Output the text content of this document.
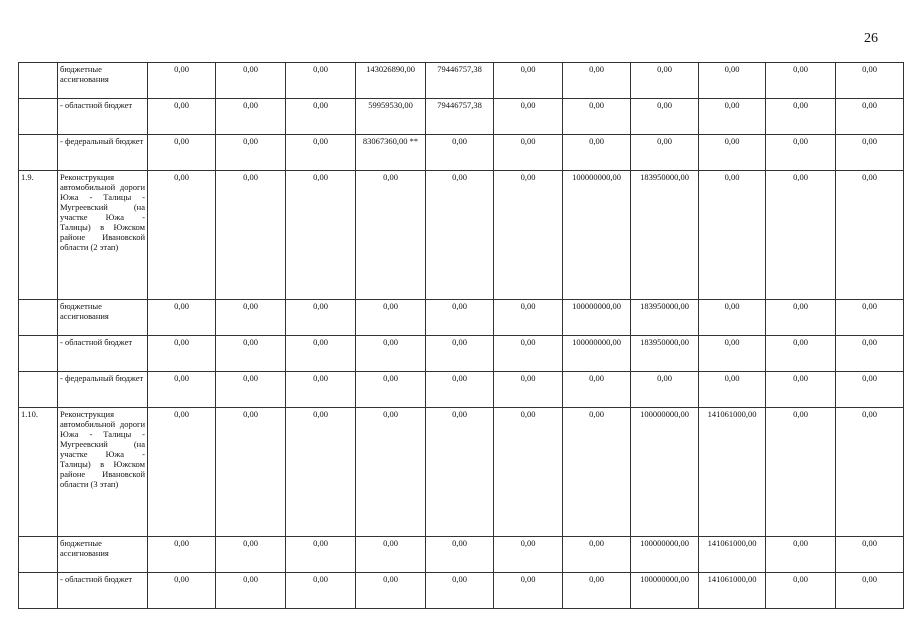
26
	бюджетные ассигнования	0,00	0,00	0,00	143026890,00	79446757,38	0,00	0,00	0,00	0,00	0,00	0,00
	- областной бюджет	0,00	0,00	0,00	59959530,00	79446757,38	0,00	0,00	0,00	0,00	0,00	0,00
	- федеральный бюджет	0,00	0,00	0,00	83067360,00 **	0,00	0,00	0,00	0,00	0,00	0,00	0,00
1.9.	Реконструкция автомобильной дороги Южа - Талицы - Мугреевский (на участке Южа - Талицы) в Южском районе Ивановской области (2 этап)	0,00	0,00	0,00	0,00	0,00	0,00	100000000,00	183950000,00	0,00	0,00	0,00
	бюджетные ассигнования	0,00	0,00	0,00	0,00	0,00	0,00	100000000,00	183950000,00	0,00	0,00	0,00
	- областной бюджет	0,00	0,00	0,00	0,00	0,00	0,00	100000000,00	183950000,00	0,00	0,00	0,00
	- федеральный бюджет	0,00	0,00	0,00	0,00	0,00	0,00	0,00	0,00	0,00	0,00	0,00
1.10.	Реконструкция автомобильной дороги Южа - Талицы - Мугреевский (на участке Южа - Талицы) в Южском районе Ивановской области (3 этап)	0,00	0,00	0,00	0,00	0,00	0,00	0,00	100000000,00	141061000,00	0,00	0,00
	бюджетные ассигнования	0,00	0,00	0,00	0,00	0,00	0,00	0,00	100000000,00	141061000,00	0,00	0,00
	- областной бюджет	0,00	0,00	0,00	0,00	0,00	0,00	0,00	100000000,00	141061000,00	0,00	0,00
